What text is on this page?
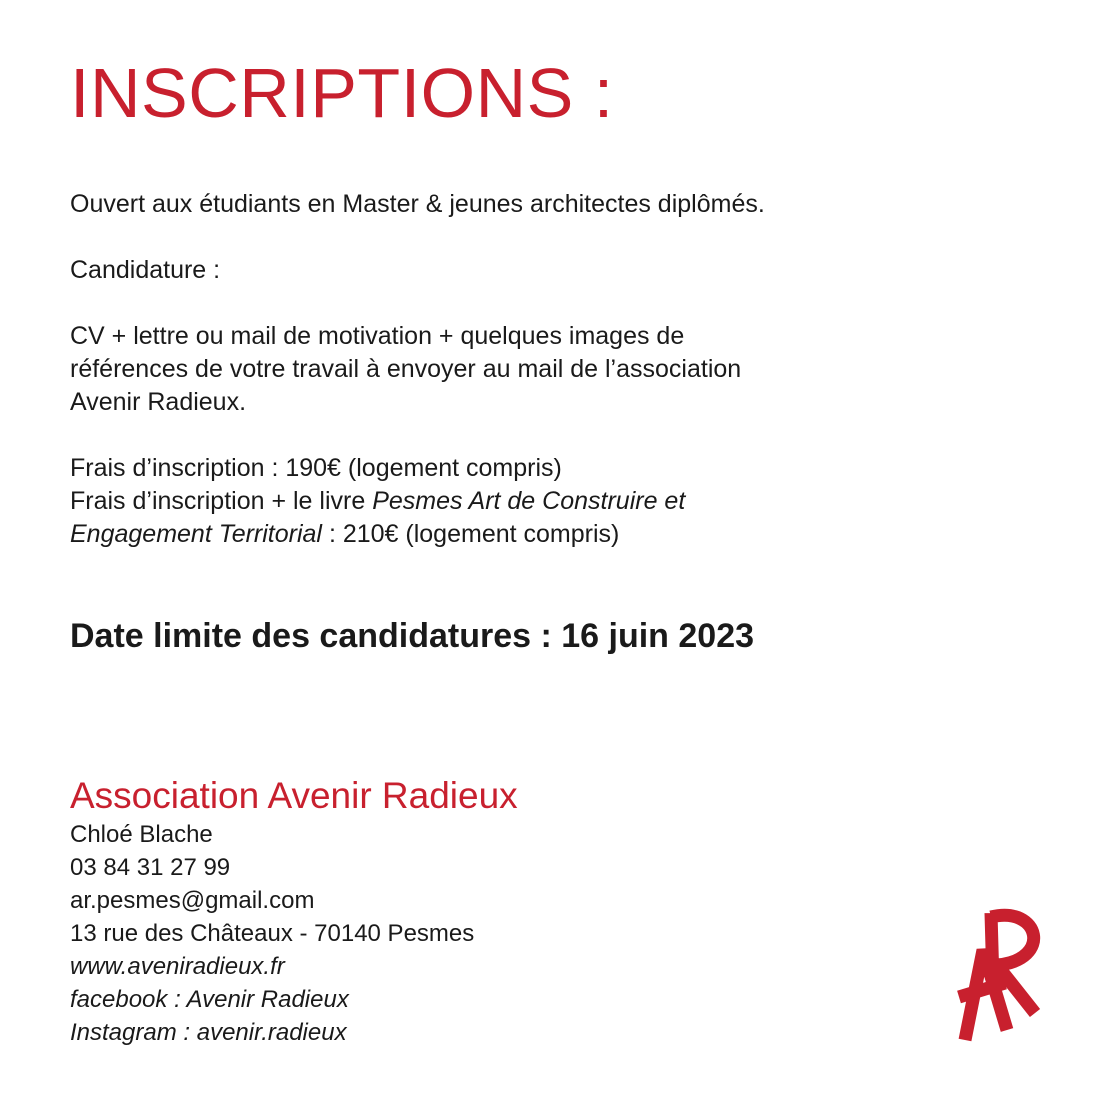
INSCRIPTIONS :

Ouvert aux étudiants en Master & jeunes architectes diplômés.

Candidature :

CV + lettre ou mail de motivation + quelques images de

références de votre travail à envoyer au mail de l’association

Avenir Radieux.

Frais d’inscription : 190€ (logement compris)

Frais d’inscription + le livre Pesmes Art de Construire et

Engagement Territorial : 210€ (logement compris)

Date limite des candidatures : 16 juin 2023

Association Avenir Radieux

Chloé Blache
03 84 31 27 99
ar.pesmes@gmail.com
13 rue des Châteaux - 70140 Pesmes
www.aveniradieux.fr
facebook : Avenir Radieux
Instagram : avenir.radieux
